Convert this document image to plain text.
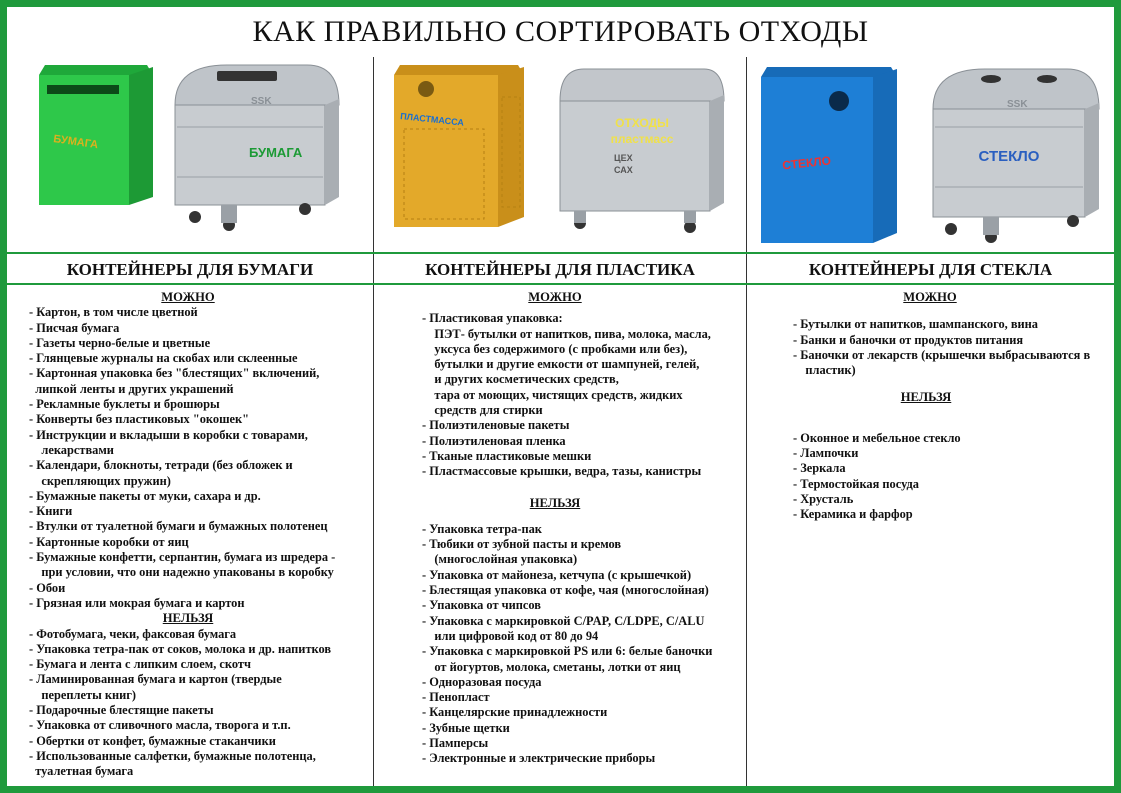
КАК ПРАВИЛЬНО СОРТИРОВАТЬ ОТХОДЫ
БУМАГА
SSK
БУМАГА
КОНТЕЙНЕРЫ ДЛЯ БУМАГИ
МОЖНО
- Картон, в том числе цветной
- Писчая бумага
- Газеты черно-белые и цветные
- Глянцевые журналы на скобах или склеенные
- Картонная упаковка без "блестящих" включений,
липкой ленты и других украшений
- Рекламные буклеты и брошюры
- Конверты без пластиковых "окошек"
- Инструкции и вкладыши в коробки с товарами,
лекарствами
- Календари, блокноты, тетради (без обложек и
скрепляющих пружин)
- Бумажные пакеты от муки, сахара и др.
- Книги
- Втулки от туалетной бумаги и бумажных полотенец
- Картонные коробки от яиц
- Бумажные конфетти, серпантин, бумага из шредера -
при условии, что они надежно упакованы в коробку
- Обои
- Грязная или мокрая бумага и картон
НЕЛЬЗЯ
- Фотобумага, чеки, факсовая бумага
- Упаковка тетра-пак от соков, молока и др. напитков
- Бумага и лента с липким слоем, скотч
- Ламинированная бумага и картон (твердые
переплеты книг)
- Подарочные блестящие пакеты
- Упаковка от сливочного масла, творога и т.п.
- Обертки от конфет, бумажные стаканчики
- Использованные салфетки, бумажные полотенца,
туалетная бумага
ПЛАСТМАССА	ОТХОДЫ
пластмасс
ЦЕХ
САХ
КОНТЕЙНЕРЫ ДЛЯ ПЛАСТИКА
МОЖНО
- Пластиковая упаковка:
ПЭТ- бутылки от напитков, пива, молока, масла,
уксуса без содержимого (с пробками или без),
бутылки и другие емкости от шампуней, гелей,
и других косметических средств,
тара от моющих, чистящих средств, жидких
средств для стирки
- Полиэтиленовые пакеты
- Полиэтиленовая пленка
- Тканые пластиковые мешки
- Пластмассовые крышки, ведра, тазы, канистры
НЕЛЬЗЯ
- Упаковка тетра-пак
- Тюбики от зубной пасты и кремов
(многослойная упаковка)
- Упаковка от майонеза, кетчупа (с крышечкой)
- Блестящая упаковка от кофе, чая (многослойная)
- Упаковка от чипсов
- Упаковка с маркировкой C/PAP, C/LDPE, C/ALU
или цифровой код от 80 до 94
- Упаковка с маркировкой PS или 6: белые баночки
от йогуртов, молока, сметаны, лотки от яиц
- Одноразовая посуда
- Пенопласт
- Канцелярские принадлежности
- Зубные щетки
- Памперсы
- Электронные и электрические приборы
СТЕКЛО
SSK
СТЕКЛО
КОНТЕЙНЕРЫ ДЛЯ СТЕКЛА
МОЖНО
- Бутылки от напитков, шампанского, вина
- Банки и баночки от продуктов питания
- Баночки от лекарств (крышечки выбрасываются в
пластик)
НЕЛЬЗЯ
- Оконное и мебельное стекло
- Лампочки
- Зеркала
- Термостойкая посуда
- Хрусталь
- Керамика и фарфор
